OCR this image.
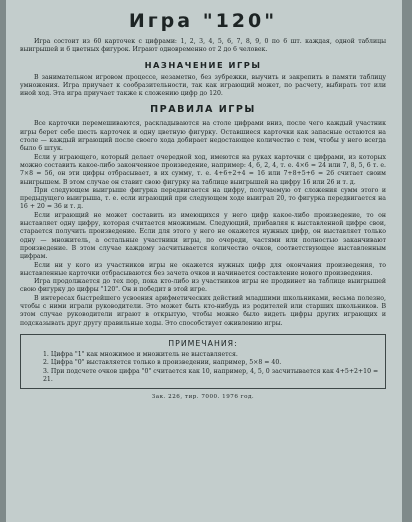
Игра "120"

Игра состоит из 60 карточек с цифрами: 1, 2, 3, 4, 5, 6, 7, 8, 9, 0 по 6 шт. каждая, одной таблицы выигрышей и 6 цветных фигурок. Играют одновременно от 2 до 6 человек.

НАЗНАЧЕНИЕ ИГРЫ

В занимательном игровом процессе, незаметно, без зубрежки, выучить и закрепить в памяти таблицу умножения. Игра приучает к сообразительности, так как играющий может, по расчету, выбирать тот или иной ход. Эта игра приучает также к сложению цифр до 120.

ПРАВИЛА ИГРЫ

Все карточки перемешиваются, раскладываются на столе цифрами вниз, после чего каждый участник игры берет себе шесть карточек и одну цветную фигурку. Оставшиеся карточки как запасные остаются на столе — каждый играющий после своего хода добирает недостающее количество с тем, чтобы у него всегда было 6 штук.

Если у играющего, который делает очередной ход, имеются на руках карточки с цифрами, из которых можно составить какое-либо законченное произведение, например: 4, 6, 2, 4, т. е. 4×6 = 24 или 7, 8, 5, 6 т. е. 7×8 = 56, он эти цифры отбрасывает, в их сумму, т. е. 4+6+2+4 = 16 или 7+8+5+6 = 26 считает своим выигрышем. В этом случае он ставит свою фигурку на таблице выигрышей на цифру 16 или 26 и т. д.

При следующем выигрыше фигурка передвигается на цифру, получаемую от сложения сумм этого и предыдущего выигрыша, т. е. если играющий при следующем ходе выиграл 20, то фигурка передвигается на 16 + 20 = 36 и т. д.

Если играющий не может составить из имеющихся у него цифр какое-либо произведение, то он выставляет одну цифру, которая считается множимым. Следующий, прибавляя к выставленной цифре свои, старается получить произведение. Если для этого у него не окажется нужных цифр, он выставляет только одну — множитель, а остальные участники игры, по очереди, частями или полностью заканчивают произведение. В этом случае каждому засчитывается количество очков, соответствующее выставленным цифрам.

Если ни у кого из участников игры не окажется нужных цифр для окончания произведения, то выставленные карточки отбрасываются без зачета очков и начинается составление нового произведения.

Игра продолжается до тех пор, пока кто-либо из участников игры не продвинет на таблице выигрышей свою фигурку до цифры "120". Он и победит в этой игре.

В интересах быстрейшего усвоения арифметических действий младшими школьниками, весьма полезно, чтобы с ними играли руководители. Это может быть кто-нибудь из родителей или старших школьников. В этом случае руководители играют в открытую, чтобы можно было видеть цифры других играющих и подсказывать друг другу правильные ходы. Это способствует оживлению игры.

ПРИМЕЧАНИЯ:

1. Цифра "1" как множимое и множитель не выставляется.

2. Цифра "0" выставляется только в произведении, например, 5×8 = 40.

3. При подсчете очков цифра "0" считается как 10, например, 4, 5, 0 засчитывается как 4+5+2+10 = 21.

Зак. 226, тир. 7000. 1976 год.
